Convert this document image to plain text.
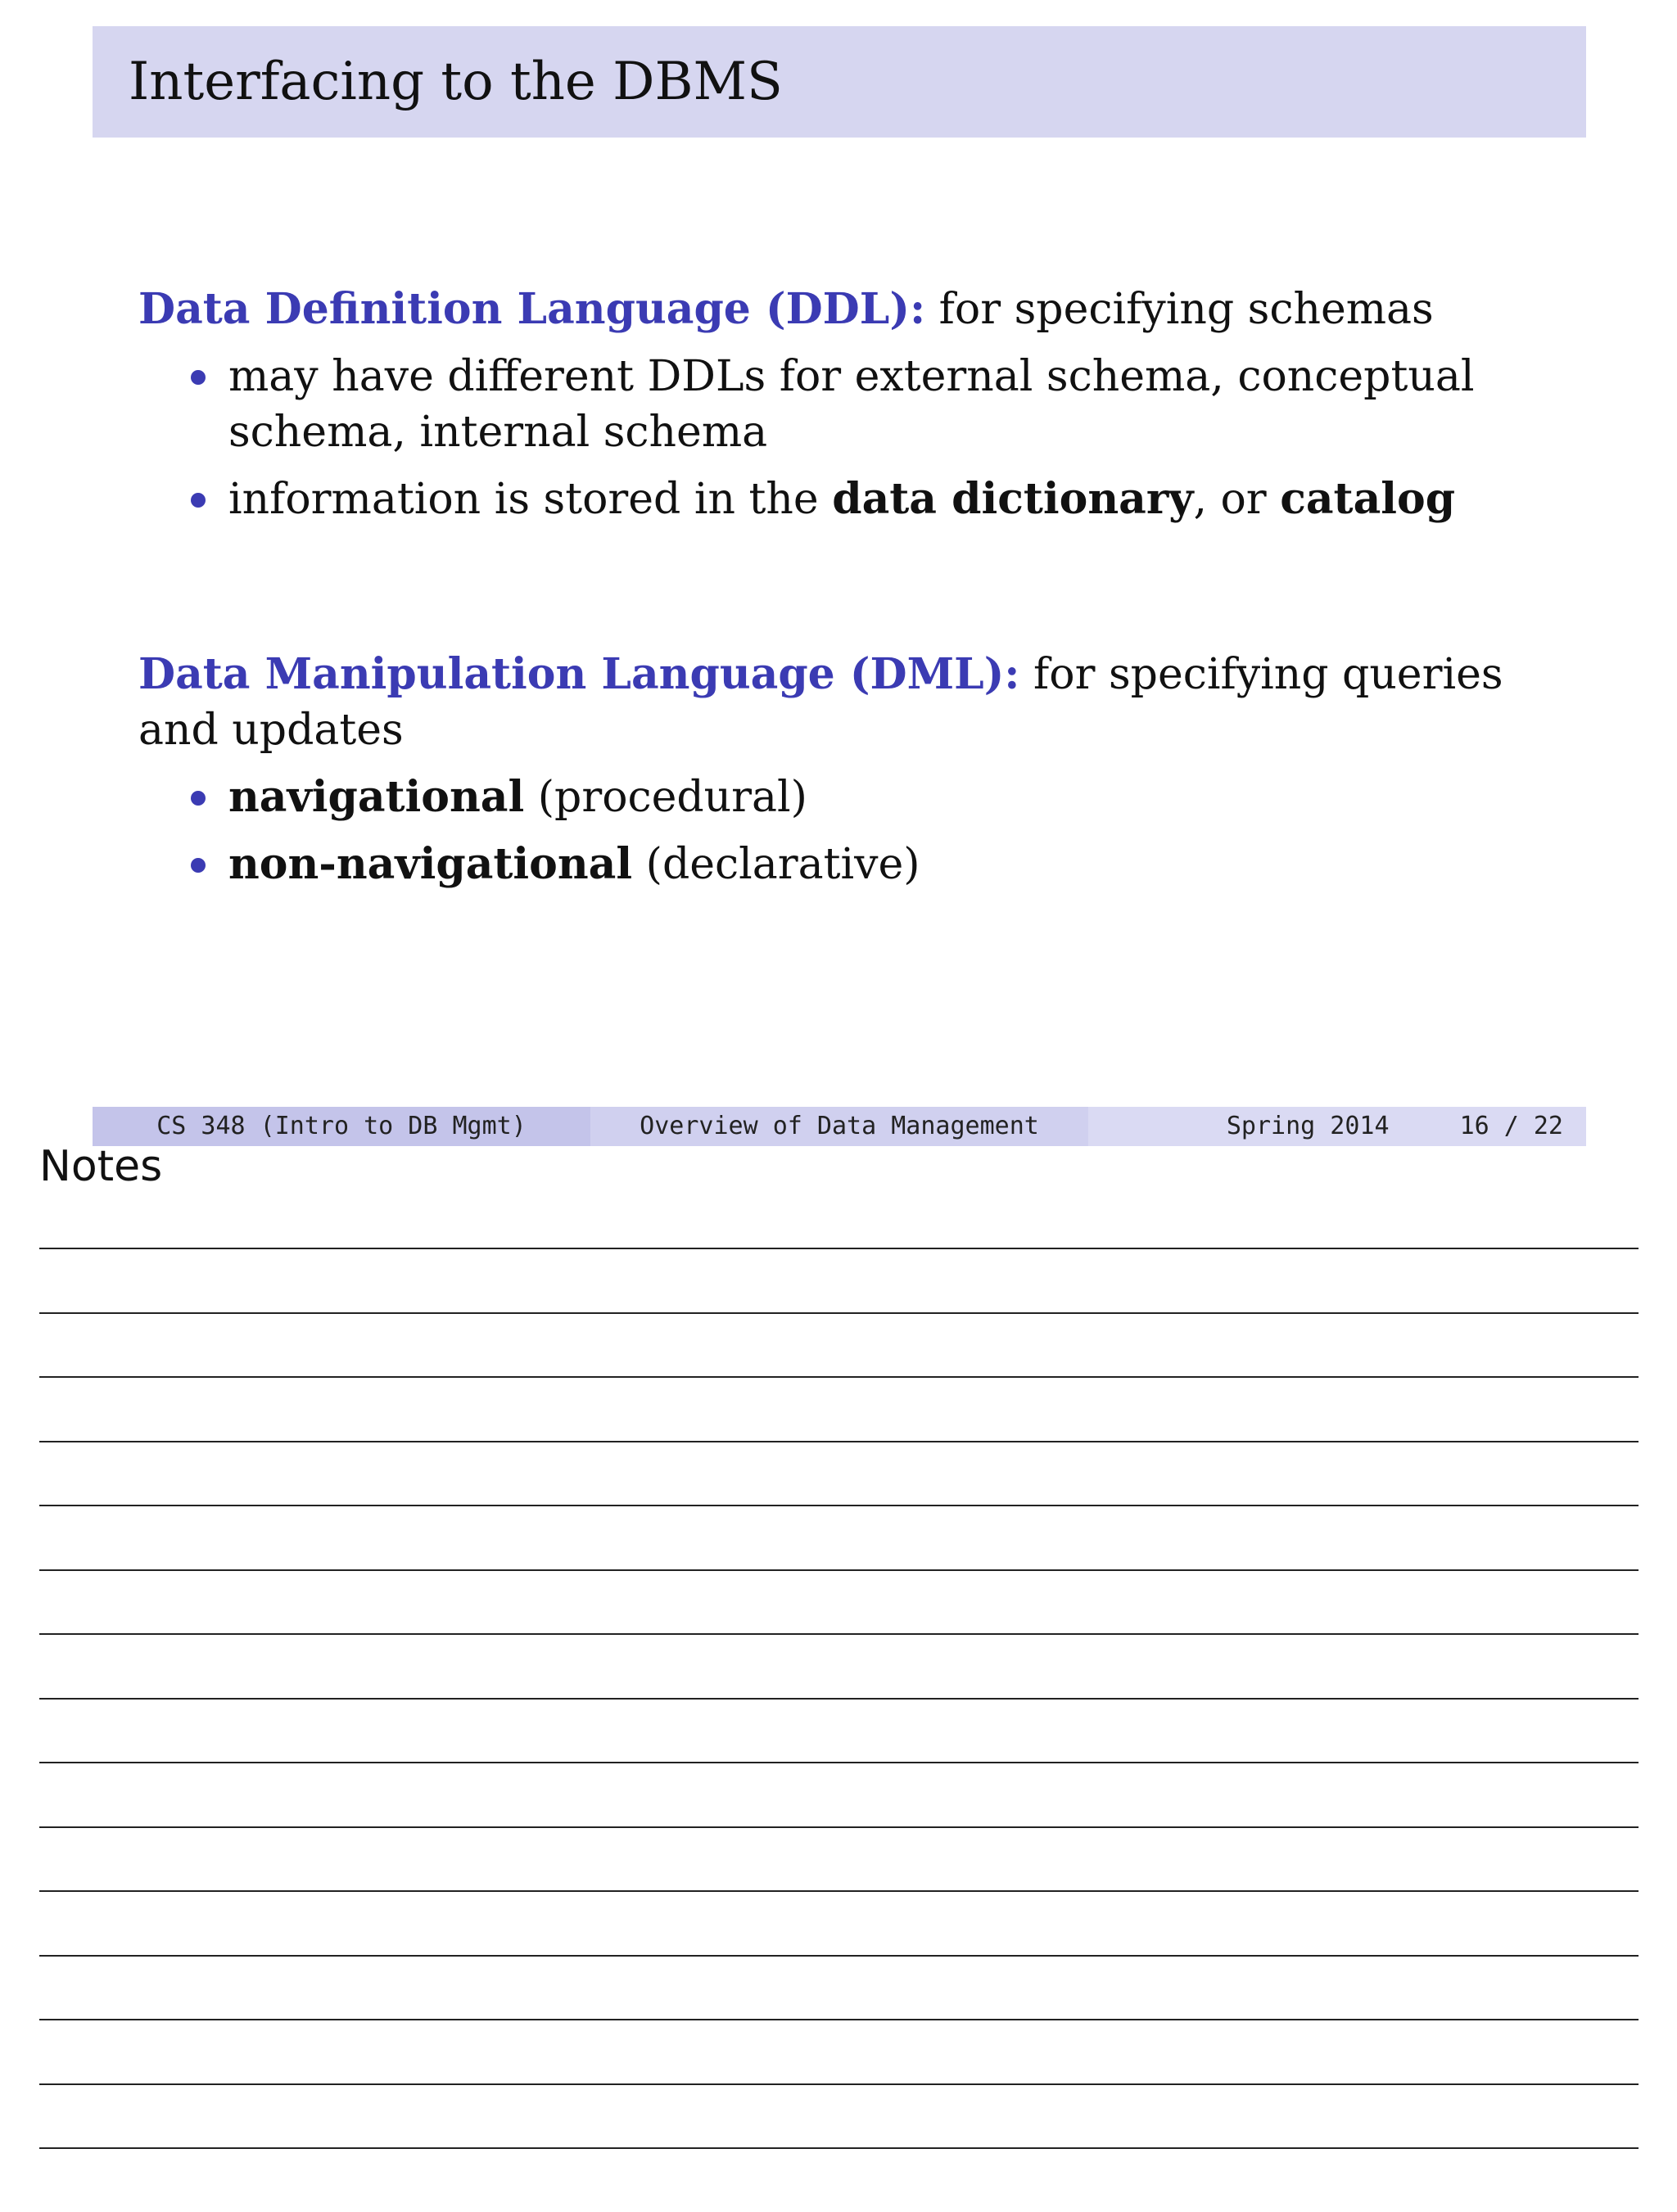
Interfacing to the DBMS

Data Definition Language (DDL): for specifying schemas

may have different DDLs for external schema, conceptual schema, internal schema
information is stored in the data dictionary, or catalog

Data Manipulation Language (DML): for specifying queries and updates

navigational (procedural)
non-navigational (declarative)
CS 348 (Intro to DB Mgmt)	Overview of Data Management	Spring 2014	16 / 22
Notes
